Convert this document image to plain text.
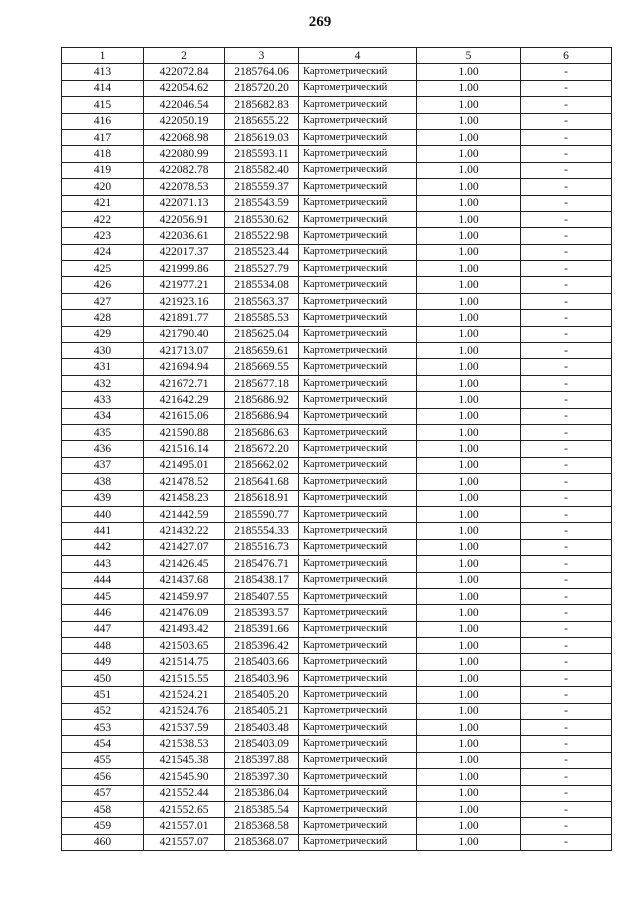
269
1	2	3	4	5	6
413	422072.84	2185764.06	Картометрический	1.00	-
414	422054.62	2185720.20	Картометрический	1.00	-
415	422046.54	2185682.83	Картометрический	1.00	-
416	422050.19	2185655.22	Картометрический	1.00	-
417	422068.98	2185619.03	Картометрический	1.00	-
418	422080.99	2185593.11	Картометрический	1.00	-
419	422082.78	2185582.40	Картометрический	1.00	-
420	422078.53	2185559.37	Картометрический	1.00	-
421	422071.13	2185543.59	Картометрический	1.00	-
422	422056.91	2185530.62	Картометрический	1.00	-
423	422036.61	2185522.98	Картометрический	1.00	-
424	422017.37	2185523.44	Картометрический	1.00	-
425	421999.86	2185527.79	Картометрический	1.00	-
426	421977.21	2185534.08	Картометрический	1.00	-
427	421923.16	2185563.37	Картометрический	1.00	-
428	421891.77	2185585.53	Картометрический	1.00	-
429	421790.40	2185625.04	Картометрический	1.00	-
430	421713.07	2185659.61	Картометрический	1.00	-
431	421694.94	2185669.55	Картометрический	1.00	-
432	421672.71	2185677.18	Картометрический	1.00	-
433	421642.29	2185686.92	Картометрический	1.00	-
434	421615.06	2185686.94	Картометрический	1.00	-
435	421590.88	2185686.63	Картометрический	1.00	-
436	421516.14	2185672.20	Картометрический	1.00	-
437	421495.01	2185662.02	Картометрический	1.00	-
438	421478.52	2185641.68	Картометрический	1.00	-
439	421458.23	2185618.91	Картометрический	1.00	-
440	421442.59	2185590.77	Картометрический	1.00	-
441	421432.22	2185554.33	Картометрический	1.00	-
442	421427.07	2185516.73	Картометрический	1.00	-
443	421426.45	2185476.71	Картометрический	1.00	-
444	421437.68	2185438.17	Картометрический	1.00	-
445	421459.97	2185407.55	Картометрический	1.00	-
446	421476.09	2185393.57	Картометрический	1.00	-
447	421493.42	2185391.66	Картометрический	1.00	-
448	421503.65	2185396.42	Картометрический	1.00	-
449	421514.75	2185403.66	Картометрический	1.00	-
450	421515.55	2185403.96	Картометрический	1.00	-
451	421524.21	2185405.20	Картометрический	1.00	-
452	421524.76	2185405.21	Картометрический	1.00	-
453	421537.59	2185403.48	Картометрический	1.00	-
454	421538.53	2185403.09	Картометрический	1.00	-
455	421545.38	2185397.88	Картометрический	1.00	-
456	421545.90	2185397.30	Картометрический	1.00	-
457	421552.44	2185386.04	Картометрический	1.00	-
458	421552.65	2185385.54	Картометрический	1.00	-
459	421557.01	2185368.58	Картометрический	1.00	-
460	421557.07	2185368.07	Картометрический	1.00	-
